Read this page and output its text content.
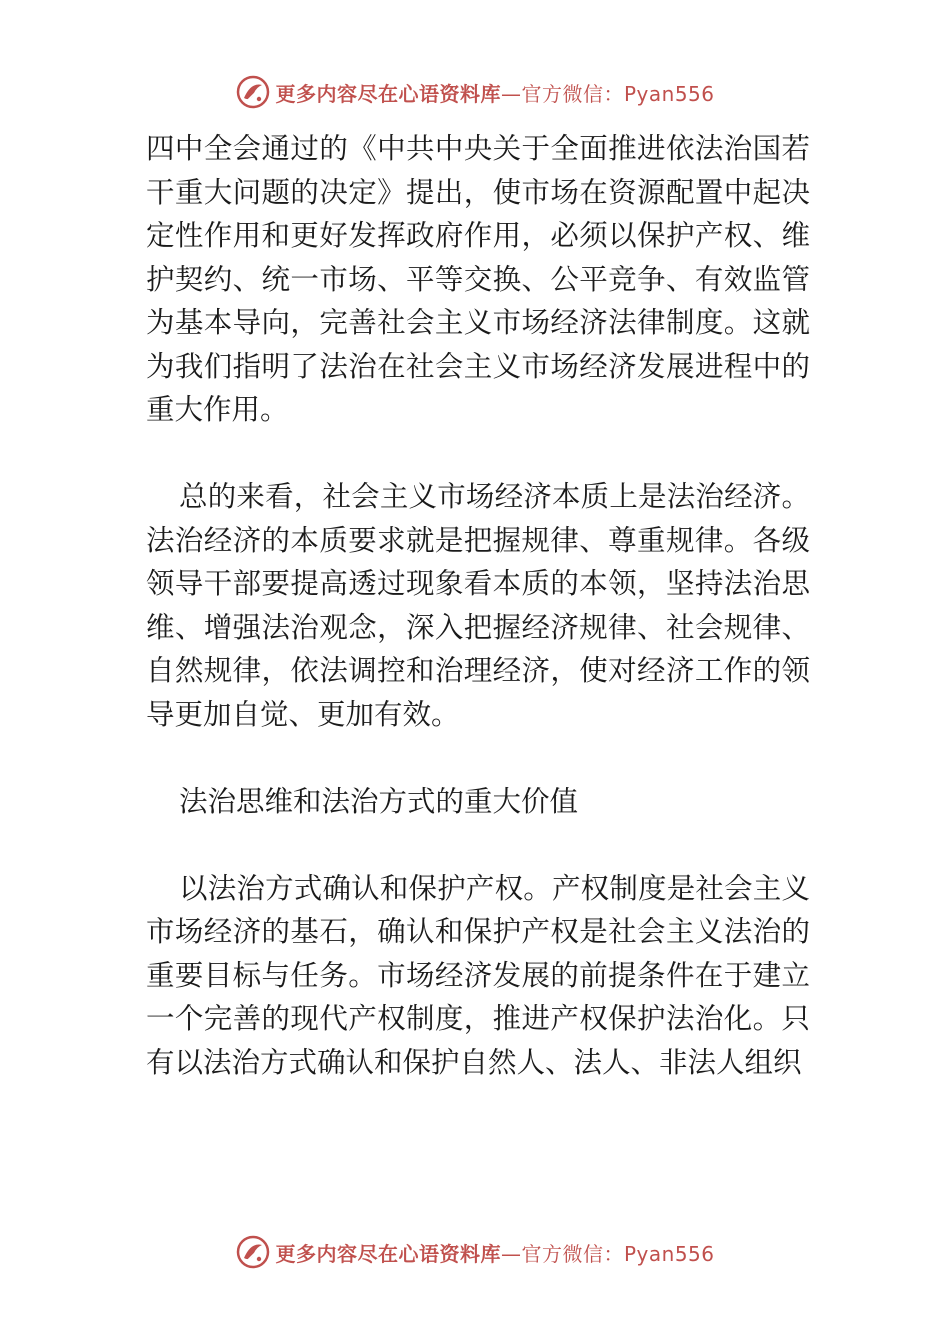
更多内容尽在心语资料库—官方微信：Pyan556

四中全会通过的《中共中央关于全面推进依法治国若干重大问题的决定》提出，使市场在资源配置中起决定性作用和更好发挥政府作用，必须以保护产权、维护契约、统一市场、平等交换、公平竞争、有效监管为基本导向，完善社会主义市场经济法律制度。这就为我们指明了法治在社会主义市场经济发展进程中的重大作用。

总的来看，社会主义市场经济本质上是法治经济。法治经济的本质要求就是把握规律、尊重规律。各级领导干部要提高透过现象看本质的本领，坚持法治思维、增强法治观念，深入把握经济规律、社会规律、自然规律，依法调控和治理经济，使对经济工作的领导更加自觉、更加有效。

法治思维和法治方式的重大价值

以法治方式确认和保护产权。产权制度是社会主义市场经济的基石，确认和保护产权是社会主义法治的重要目标与任务。市场经济发展的前提条件在于建立一个完善的现代产权制度，推进产权保护法治化。只有以法治方式确认和保护自然人、法人、非法人组织

更多内容尽在心语资料库—官方微信：Pyan556
